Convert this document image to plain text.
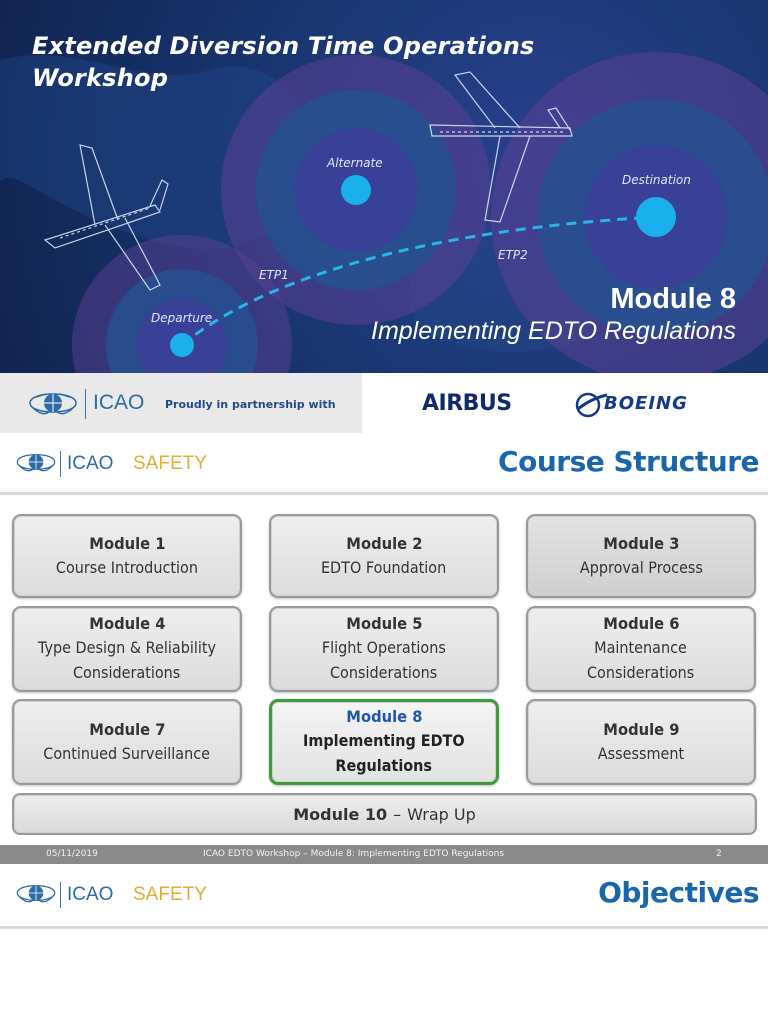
Extended Diversion Time Operations
Workshop
Alternate
Destination
Departure
ETP1
ETP2
Module 8
Implementing EDTO Regulations
ICAO Proudly in partnership with	AIRBUS	BOEING
ICAO SAFETY	Course Structure
Module 1
Course Introduction
Module 2
EDTO Foundation
Module 3
Approval Process
Module 4
Type Design & Reliability
Considerations
Module 5
Flight Operations
Considerations
Module 6
Maintenance
Considerations
Module 7
Continued Surveillance
Module 8
Implementing EDTO
Regulations
Module 9
Assessment
Module 10 – Wrap Up
05/11/2019	ICAO EDTO Workshop – Module 8: Implementing EDTO Regulations	2
ICAO SAFETY	Objectives
